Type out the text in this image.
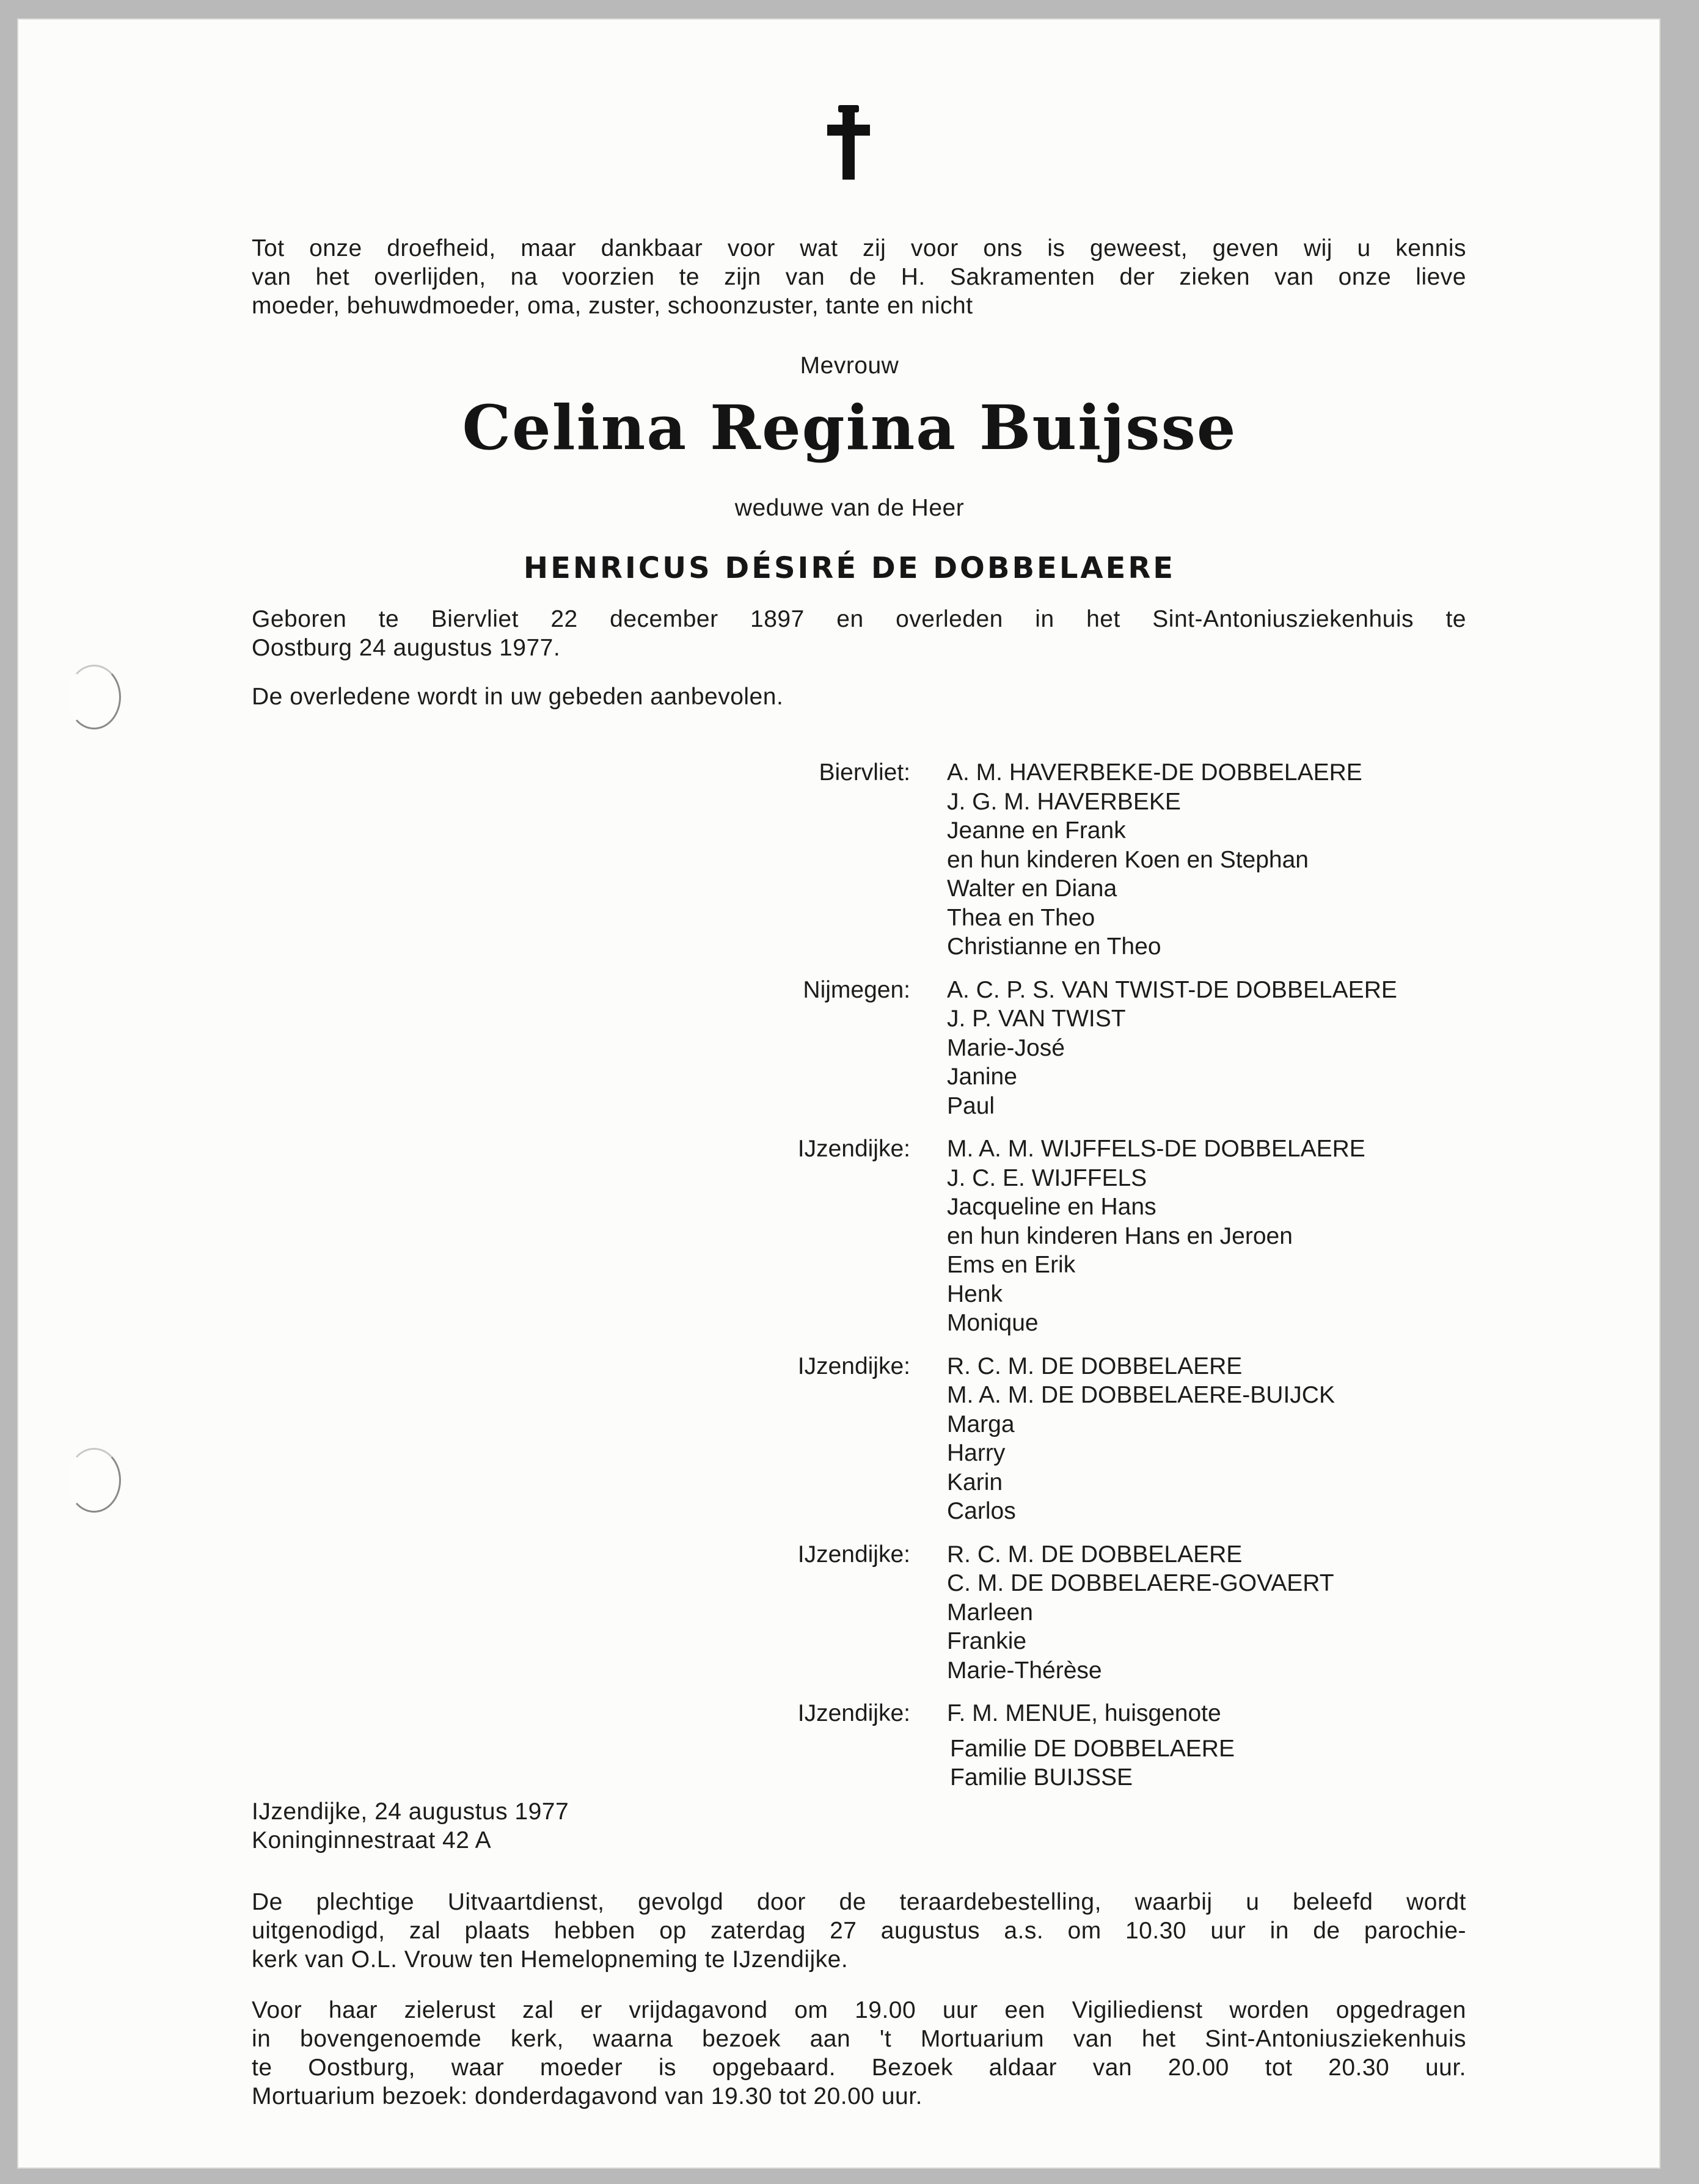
Tot onze droefheid, maar dankbaar voor wat zij voor ons is geweest, geven wij u kennis
van het overlijden, na voorzien te zijn van de H. Sakramenten der zieken van onze lieve
moeder, behuwdmoeder, oma, zuster, schoonzuster, tante en nicht
Mevrouw
Celina Regina Buijsse
weduwe van de Heer
HENRICUS DÉSIRÉ DE DOBBELAERE
Geboren te Biervliet 22 december 1897 en overleden in het Sint-Antoniusziekenhuis te
Oostburg 24 augustus 1977.
De overledene wordt in uw gebeden aanbevolen.
Biervliet: A. M. HAVERBEKE-DE DOBBELAERE
J. G. M. HAVERBEKE
Jeanne en Frank
en hun kinderen Koen en Stephan
Walter en Diana
Thea en Theo
Christianne en Theo
Nijmegen: A. C. P. S. VAN TWIST-DE DOBBELAERE
J. P. VAN TWIST
Marie-José
Janine
Paul
IJzendijke: M. A. M. WIJFFELS-DE DOBBELAERE
J. C. E. WIJFFELS
Jacqueline en Hans
en hun kinderen Hans en Jeroen
Ems en Erik
Henk
Monique
IJzendijke: R. C. M. DE DOBBELAERE
M. A. M. DE DOBBELAERE-BUIJCK
Marga
Harry
Karin
Carlos
IJzendijke: R. C. M. DE DOBBELAERE
C. M. DE DOBBELAERE-GOVAERT
Marleen
Frankie
Marie-Thérèse
IJzendijke: F. M. MENUE, huisgenote
Familie DE DOBBELAERE
Familie BUIJSSE
IJzendijke, 24 augustus 1977
Koninginnestraat 42 A
De plechtige Uitvaartdienst, gevolgd door de teraardebestelling, waarbij u beleefd wordt
uitgenodigd, zal plaats hebben op zaterdag 27 augustus a.s. om 10.30 uur in de parochie-
kerk van O.L. Vrouw ten Hemelopneming te IJzendijke.
Voor haar zielerust zal er vrijdagavond om 19.00 uur een Vigiliedienst worden opgedragen
in bovengenoemde kerk, waarna bezoek aan 't Mortuarium van het Sint-Antoniusziekenhuis
te Oostburg, waar moeder is opgebaard. Bezoek aldaar van 20.00 tot 20.30 uur.
Mortuarium bezoek: donderdagavond van 19.30 tot 20.00 uur.
